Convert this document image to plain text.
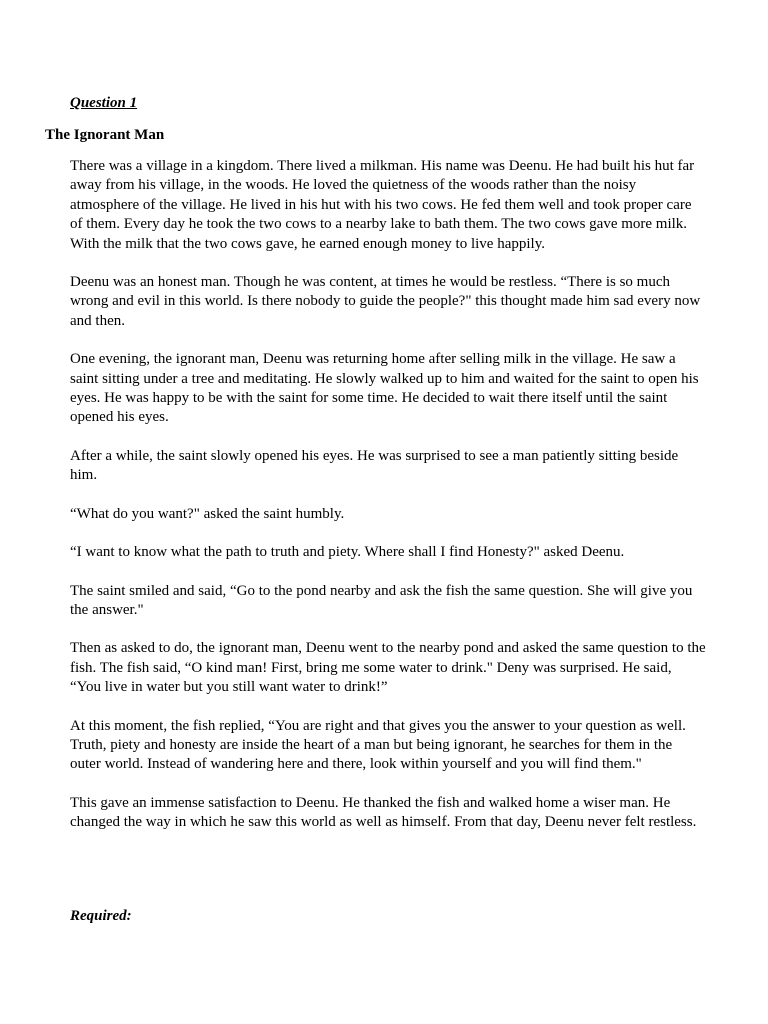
Question 1
The Ignorant Man

There was a village in a kingdom. There lived a milkman. His name was Deenu. He had built his hut far away from his village, in the woods. He loved the quietness of the woods rather than the noisy atmosphere of the village. He lived in his hut with his two cows. He fed them well and took proper care of them. Every day he took the two cows to a nearby lake to bath them. The two cows gave more milk. With the milk that the two cows gave, he earned enough money to live happily.

Deenu was an honest man. Though he was content, at times he would be restless. “There is so much wrong and evil in this world. Is there nobody to guide the people?" this thought made him sad every now and then.

One evening, the ignorant man, Deenu was returning home after selling milk in the village. He saw a saint sitting under a tree and meditating. He slowly walked up to him and waited for the saint to open his eyes. He was happy to be with the saint for some time. He decided to wait there itself until the saint opened his eyes.

After a while, the saint slowly opened his eyes. He was surprised to see a man patiently sitting beside him.

“What do you want?" asked the saint humbly.

“I want to know what the path to truth and piety. Where shall I find Honesty?" asked Deenu.

The saint smiled and said, “Go to the pond nearby and ask the fish the same question. She will give you the answer."

Then as asked to do, the ignorant man, Deenu went to the nearby pond and asked the same question to the fish. The fish said, “O kind man! First, bring me some water to drink." Deny was surprised. He said, “You live in water but you still want water to drink!”

At this moment, the fish replied, “You are right and that gives you the answer to your question as well. Truth, piety and honesty are inside the heart of a man but being ignorant, he searches for them in the outer world. Instead of wandering here and there, look within yourself and you will find them."

This gave an immense satisfaction to Deenu. He thanked the fish and walked home a wiser man. He changed the way in which he saw this world as well as himself. From that day, Deenu never felt restless.

Required:
